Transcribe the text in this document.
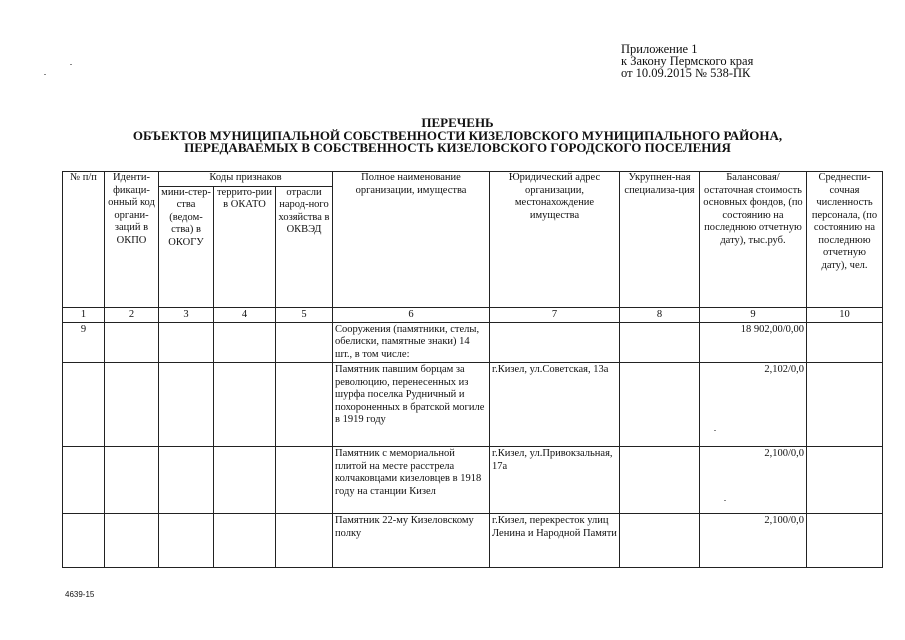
Приложение 1
к Закону Пермского края
от 10.09.2015 № 538-ПК
ПЕРЕЧЕНЬ
ОБЪЕКТОВ МУНИЦИПАЛЬНОЙ СОБСТВЕННОСТИ КИЗЕЛОВСКОГО МУНИЦИПАЛЬНОГО РАЙОНА,
ПЕРЕДАВАЕМЫХ В СОБСТВЕННОСТЬ КИЗЕЛОВСКОГО ГОРОДСКОГО ПОСЕЛЕНИЯ
№ п/п	Иденти-фикаци-онный код органи-заций в ОКПО	Коды признаков			Полное наименование организации, имущества	Юридический адрес организации, местонахождение имущества	Укрупнен-ная специализа-ция	Балансовая/ остаточная стоимость основных фондов, (по состоянию на последнюю отчетную дату), тыс.руб.	Среднеспи-сочная численность персонала, (по состоянию на последнюю отчетную дату), чел.
		мини-стер-ства (ведом-ства) в ОКОГУ	террито-рии в ОКАТО	отрасли народ-ного хозяйства в ОКВЭД					
1	2	3	4	5	6	7	8	9	10
9					Сооружения (памятники, стелы, обелиски, памятные знаки) 14 шт., в том числе:			18 902,00/0,00	
					Памятник павшим борцам за революцию, перенесенных из шурфа поселка Рудничный и похороненных в братской могиле в 1919 году	г.Кизел, ул.Советская, 13а		2,102/0,0	
					Памятник с мемориальной плитой на месте расстрела колчаковцами кизеловцев в 1918 году на станции Кизел	г.Кизел, ул.Привокзальная, 17а		2,100/0,0	
					Памятник 22-му Кизеловскому полку	г.Кизел, перекресток улиц Ленина и Народной Памяти		2,100/0,0	
4639-15
